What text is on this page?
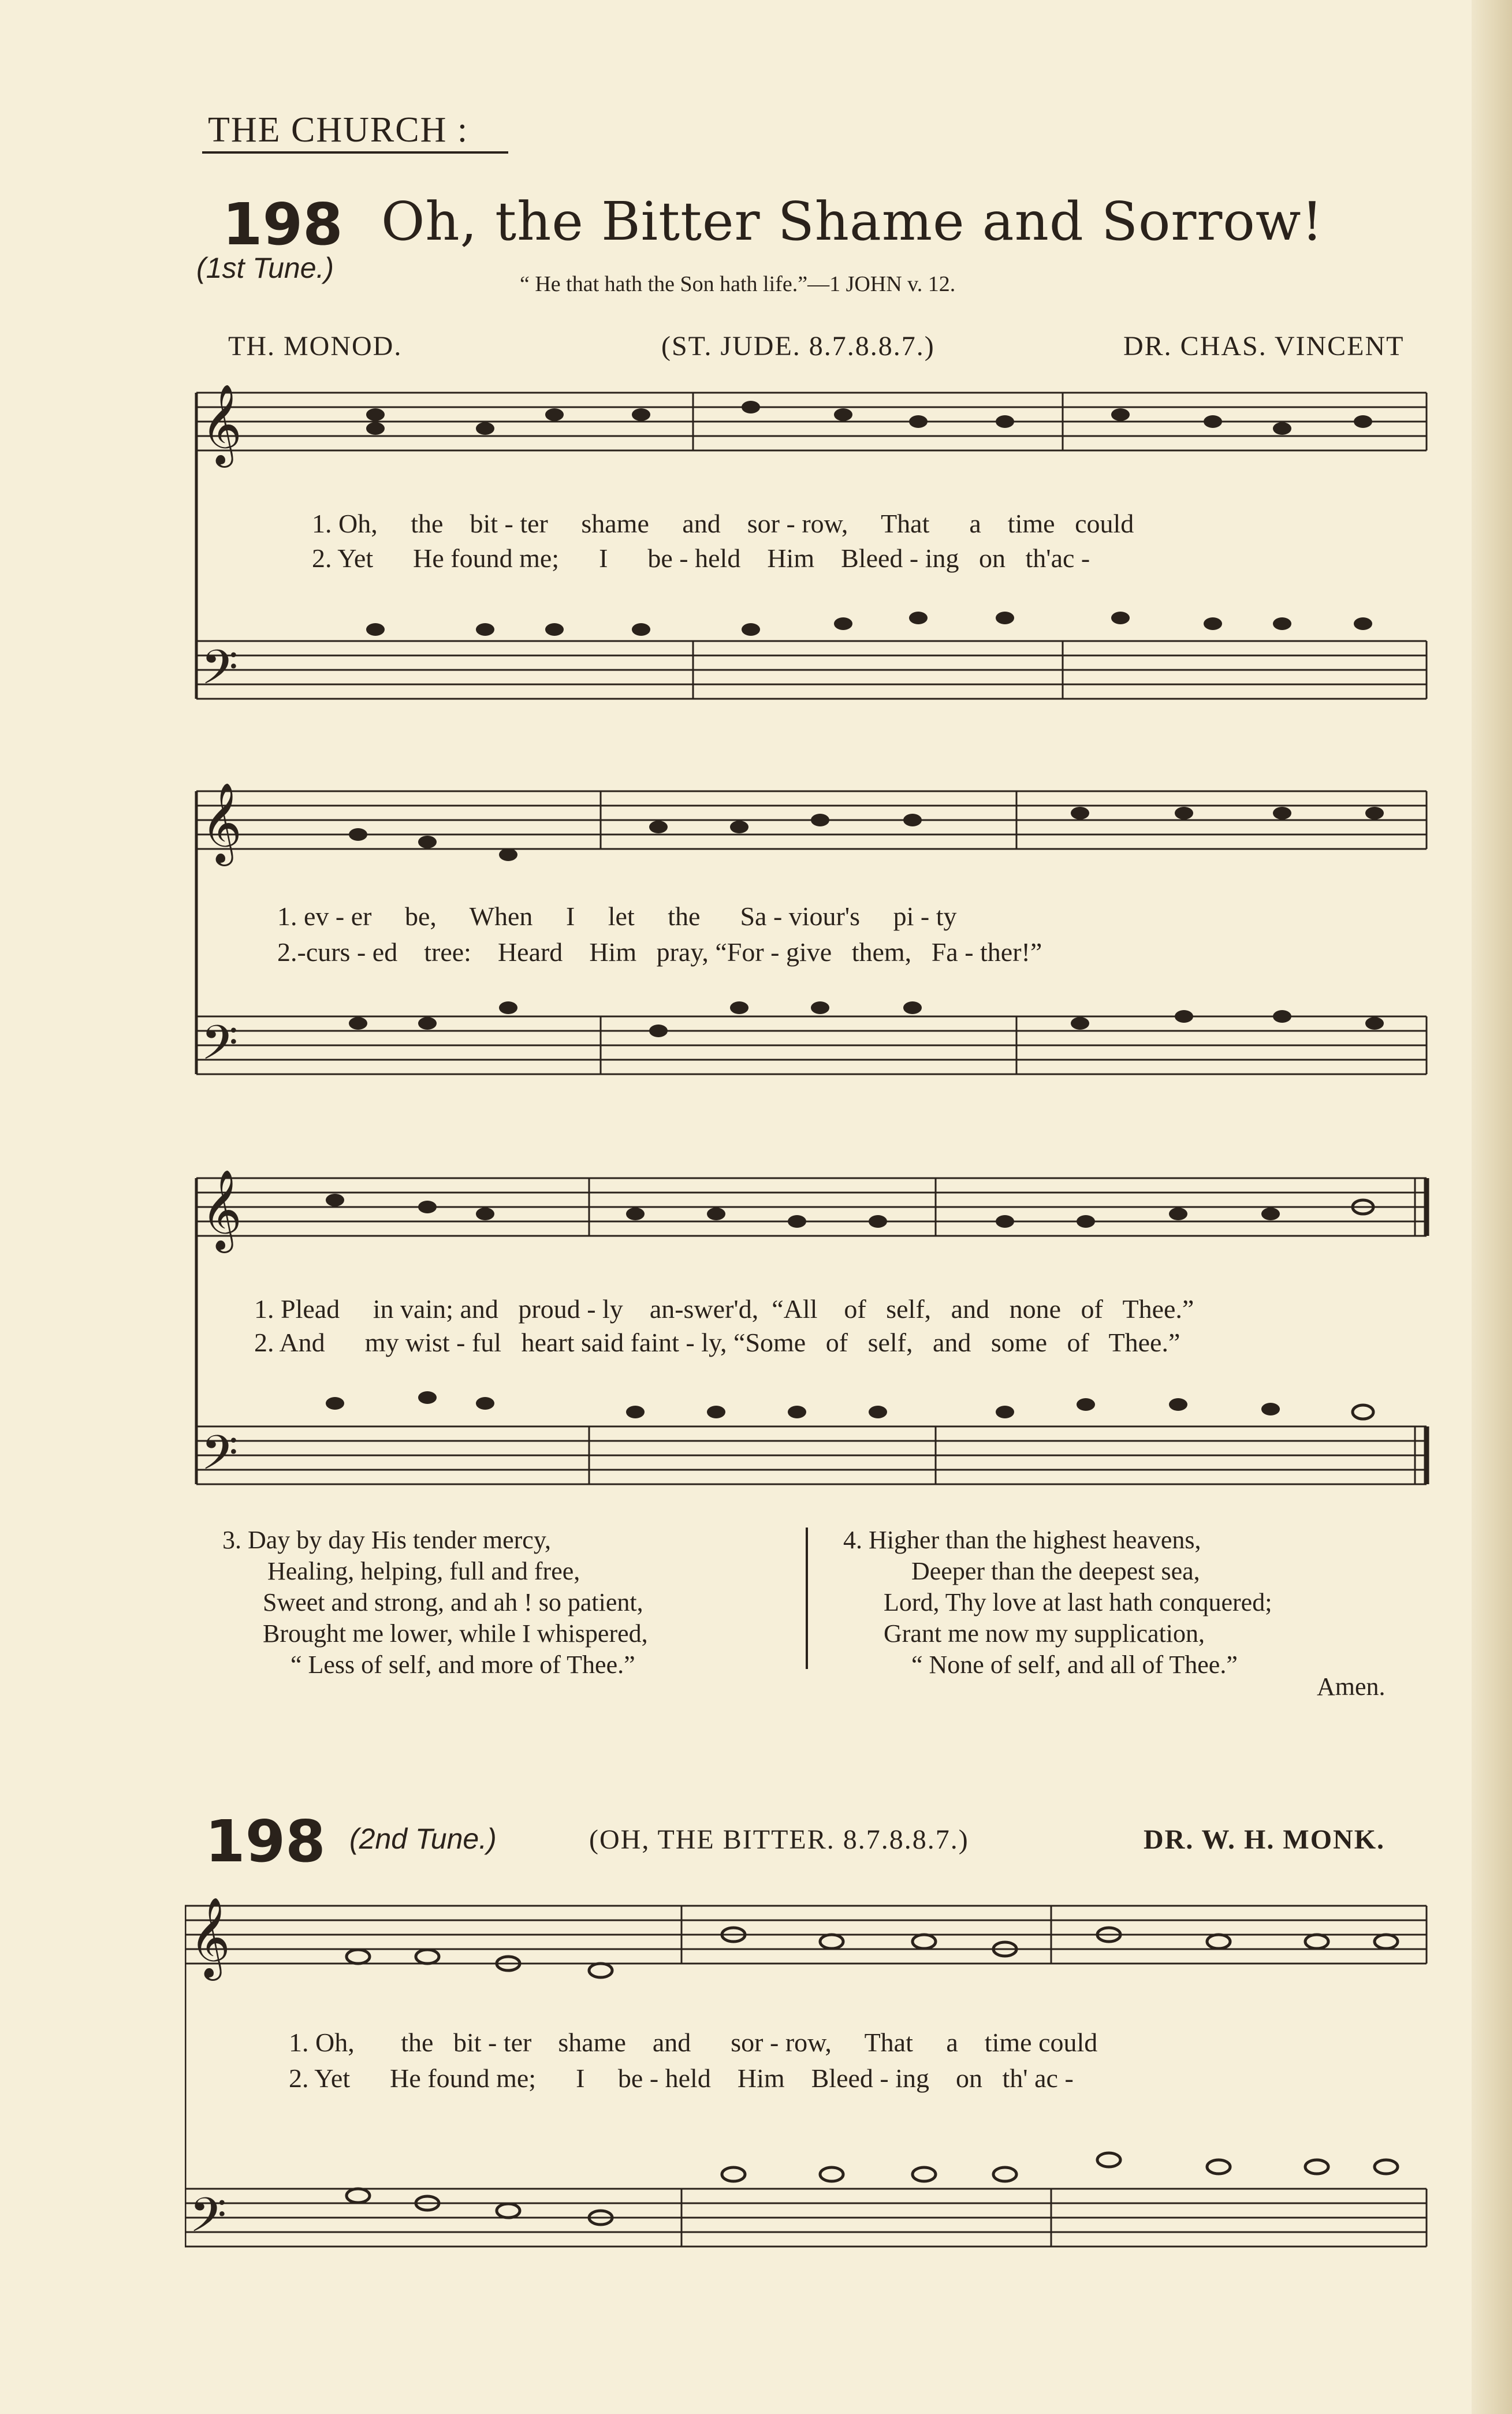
THE CHURCH :
198 Oh, the Bitter Shame and Sorrow!
(1st Tune.)	“ He that hath the Son hath life.”—1 JOHN v. 12.
TH. MONOD.	(ST. JUDE. 8.7.8.8.7.)	DR. CHAS. VINCENT
𝄞
𝄢
1. Oh, the bit - ter shame and sor - row, That a time could
2. Yet He found me; I be - held Him Bleed - ing on th'ac -
𝄞
𝄢
1. ev - er be, When I let the Sa - viour's pi - ty
2.-curs - ed tree: Heard Him pray, “For - give them, Fa - ther!”
𝄞
𝄢
1. Plead in vain; and proud - ly an-swer'd, “All of self, and none of Thee.”
2. And my wist - ful heart said faint - ly, “Some of self, and some of Thee.”
3. Day by day His tender mercy,
Healing, helping, full and free,
Sweet and strong, and ah ! so patient,
Brought me lower, while I whispered,
“ Less of self, and more of Thee.”
4. Higher than the highest heavens,
Deeper than the deepest sea,
Lord, Thy love at last hath conquered;
Grant me now my supplication,
“ None of self, and all of Thee.”
Amen.
198 (2nd Tune.)	(OH, THE BITTER. 8.7.8.8.7.)	DR. W. H. MONK.
𝄞
𝄢
1. Oh, the bit - ter shame and sor - row, That a time could
2. Yet He found me; I be - held Him Bleed - ing on th' ac -
